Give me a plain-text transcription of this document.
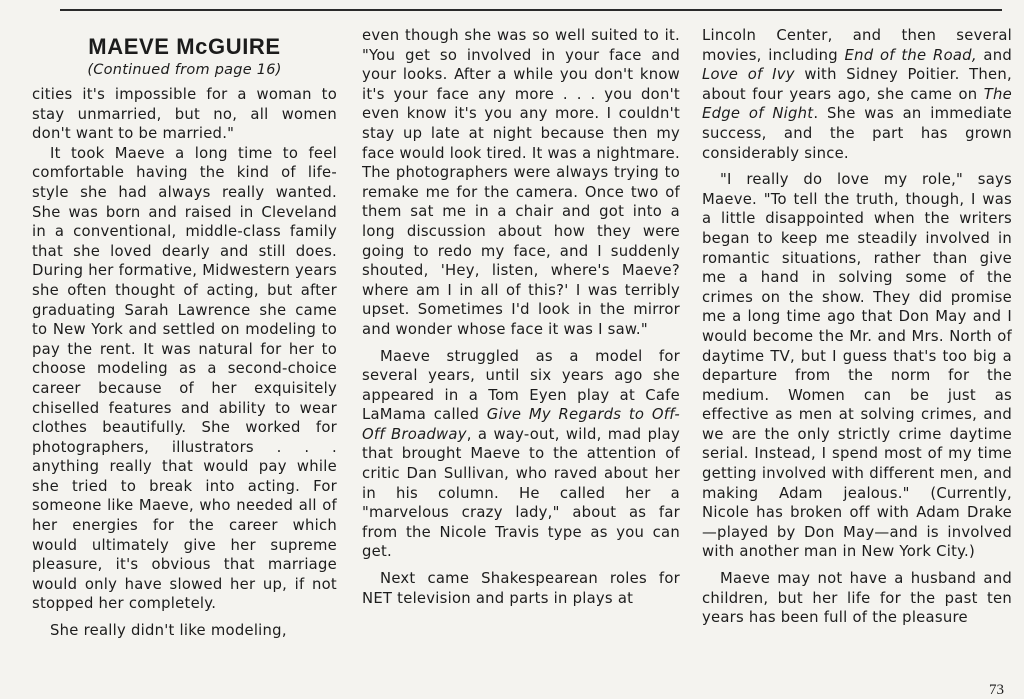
MAEVE McGUIRE
(Continued from page 16)

cities it's impossible for a woman to stay unmarried, but no, all women don't want to be married."

It took Maeve a long time to feel comfortable having the kind of life-style she had always really wanted. She was born and raised in Cleveland in a conventional, middle-class family that she loved dearly and still does. During her formative, Midwestern years she often thought of acting, but after graduating Sarah Lawrence she came to New York and settled on modeling to pay the rent. It was natural for her to choose modeling as a second-choice career because of her exquisitely chiselled features and ability to wear clothes beautifully. She worked for photographers, illustrators . . . anything really that would pay while she tried to break into acting. For someone like Maeve, who needed all of her energies for the career which would ultimately give her supreme pleasure, it's obvious that marriage would only have slowed her up, if not stopped her completely.

She really didn't like modeling,

even though she was so well suited to it. "You get so involved in your face and your looks. After a while you don't know it's your face any more . . . you don't even know it's you any more. I couldn't stay up late at night because then my face would look tired. It was a nightmare. The photographers were always trying to remake me for the camera. Once two of them sat me in a chair and got into a long discussion about how they were going to redo my face, and I suddenly shouted, 'Hey, listen, where's Maeve? where am I in all of this?' I was terribly upset. Sometimes I'd look in the mirror and wonder whose face it was I saw."

Maeve struggled as a model for several years, until six years ago she appeared in a Tom Eyen play at Cafe LaMama called Give My Regards to Off-Off Broadway, a way-out, wild, mad play that brought Maeve to the attention of critic Dan Sullivan, who raved about her in his column. He called her a "marvelous crazy lady," about as far from the Nicole Travis type as you can get.

Next came Shakespearean roles for NET television and parts in plays at

Lincoln Center, and then several movies, including End of the Road, and Love of Ivy with Sidney Poitier. Then, about four years ago, she came on The Edge of Night. She was an immediate success, and the part has grown considerably since.

"I really do love my role," says Maeve. "To tell the truth, though, I was a little disappointed when the writers began to keep me steadily involved in romantic situations, rather than give me a hand in solving some of the crimes on the show. They did promise me a long time ago that Don May and I would become the Mr. and Mrs. North of daytime TV, but I guess that's too big a departure from the norm for the medium. Women can be just as effective as men at solving crimes, and we are the only strictly crime daytime serial. Instead, I spend most of my time getting involved with different men, and making Adam jealous." (Currently, Nicole has broken off with Adam Drake—played by Don May—and is involved with another man in New York City.)

Maeve may not have a husband and children, but her life for the past ten years has been full of the pleasure

73
